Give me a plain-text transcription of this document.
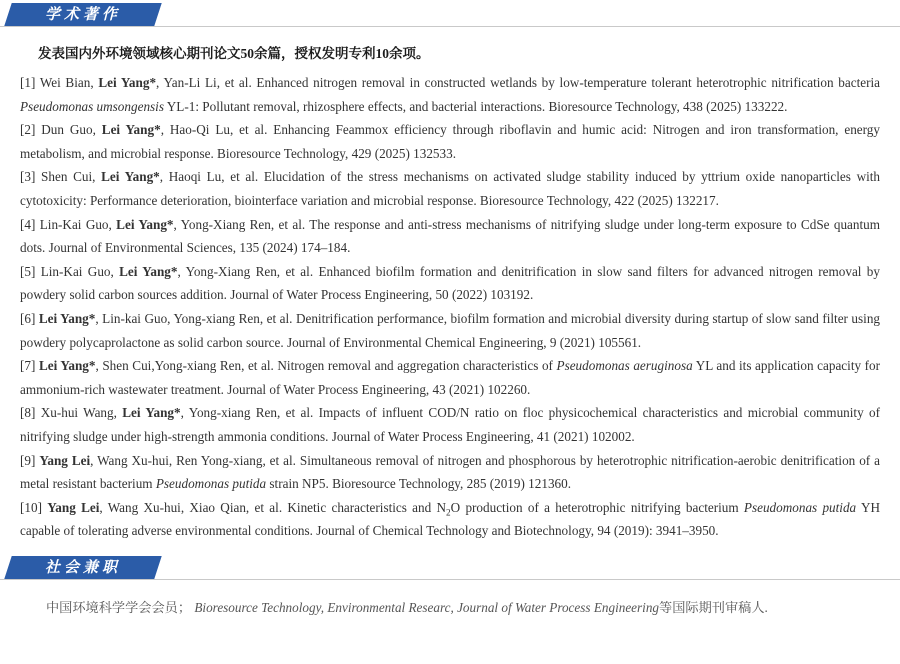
学术著作

发表国内外环境领域核心期刊论文50余篇，授权发明专利10余项。

[1] Wei Bian, Lei Yang*, Yan-Li Li, et al. Enhanced nitrogen removal in constructed wetlands by low-temperature tolerant heterotrophic nitrification bacteria Pseudomonas umsongensis YL-1: Pollutant removal, rhizosphere effects, and bacterial interactions. Bioresource Technology, 438 (2025) 133222.

[2] Dun Guo, Lei Yang*, Hao-Qi Lu, et al. Enhancing Feammox efficiency through riboflavin and humic acid: Nitrogen and iron transformation, energy metabolism, and microbial response. Bioresource Technology, 429 (2025) 132533.

[3] Shen Cui, Lei Yang*, Haoqi Lu, et al. Elucidation of the stress mechanisms on activated sludge stability induced by yttrium oxide nanoparticles with cytotoxicity: Performance deterioration, biointerface variation and microbial response. Bioresource Technology, 422 (2025) 132217.

[4] Lin-Kai Guo, Lei Yang*, Yong-Xiang Ren, et al. The response and anti-stress mechanisms of nitrifying sludge under long-term exposure to CdSe quantum dots. Journal of Environmental Sciences, 135 (2024) 174–184.

[5] Lin-Kai Guo, Lei Yang*, Yong-Xiang Ren, et al. Enhanced biofilm formation and denitrification in slow sand filters for advanced nitrogen removal by powdery solid carbon sources addition. Journal of Water Process Engineering, 50 (2022) 103192.

[6] Lei Yang*, Lin-kai Guo, Yong-xiang Ren, et al. Denitrification performance, biofilm formation and microbial diversity during startup of slow sand filter using powdery polycaprolactone as solid carbon source. Journal of Environmental Chemical Engineering, 9 (2021) 105561.

[7] Lei Yang*, Shen Cui,Yong-xiang Ren, et al. Nitrogen removal and aggregation characteristics of Pseudomonas aeruginosa YL and its application capacity for ammonium-rich wastewater treatment. Journal of Water Process Engineering, 43 (2021) 102260.

[8] Xu-hui Wang, Lei Yang*, Yong-xiang Ren, et al. Impacts of influent COD/N ratio on floc physicochemical characteristics and microbial community of nitrifying sludge under high-strength ammonia conditions. Journal of Water Process Engineering, 41 (2021) 102002.

[9] Yang Lei, Wang Xu-hui, Ren Yong-xiang, et al. Simultaneous removal of nitrogen and phosphorous by heterotrophic nitrification-aerobic denitrification of a metal resistant bacterium Pseudomonas putida strain NP5. Bioresource Technology, 285 (2019) 121360.

[10] Yang Lei, Wang Xu-hui, Xiao Qian, et al. Kinetic characteristics and $N_2O$ production of a heterotrophic nitrifying bacterium Pseudomonas putida YH capable of tolerating adverse environmental conditions. Journal of Chemical Technology and Biotechnology, 94 (2019): 3941–3950.

社会兼职

中国环境科学学会会员； Bioresource Technology, Environmental Researc, Journal of Water Process Engineering等国际期刊审稿人.
